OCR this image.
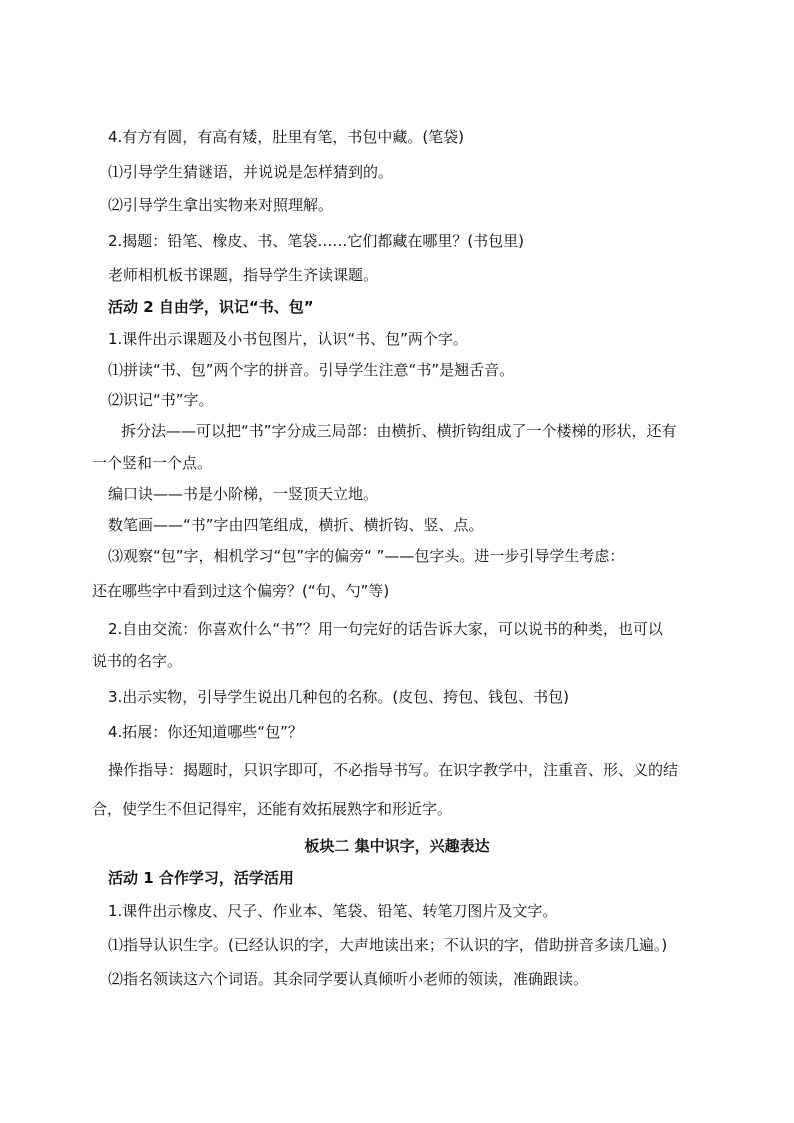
4.有方有圆，有高有矮，肚里有笔，书包中藏。(笔袋)
⑴引导学生猜谜语，并说说是怎样猜到的。
⑵引导学生拿出实物来对照理解。
2.揭题：铅笔、橡皮、书、笔袋……它们都藏在哪里？(书包里)
老师相机板书课题，指导学生齐读课题。
活动 2 自由学，识记“书、包”
1.课件出示课题及小书包图片，认识“书、包”两个字。
⑴拼读“书、包”两个字的拼音。引导学生注意“书”是翘舌音。
⑵识记“书”字。
拆分法——可以把“书”字分成三局部：由横折、横折钩组成了一个楼梯的形状，还有
一个竖和一个点。
编口诀——书是小阶梯，一竖顶天立地。
数笔画——“书”字由四笔组成，横折、横折钩、竖、点。
⑶观察“包”字，相机学习“包”字的偏旁“ ”——包字头。进一步引导学生考虑：
还在哪些字中看到过这个偏旁？(“句、勺”等)
2.自由交流：你喜欢什么“书”？用一句完好的话告诉大家，可以说书的种类，也可以
说书的名字。
3.出示实物，引导学生说出几种包的名称。(皮包、挎包、钱包、书包)
4.拓展：你还知道哪些“包”？
操作指导：揭题时，只识字即可，不必指导书写。在识字教学中，注重音、形、义的结
合，使学生不但记得牢，还能有效拓展熟字和形近字。
板块二 集中识字，兴趣表达
活动 1 合作学习，活学活用
1.课件出示橡皮、尺子、作业本、笔袋、铅笔、转笔刀图片及文字。
⑴指导认识生字。(已经认识的字，大声地读出来；不认识的字，借助拼音多读几遍。)
⑵指名领读这六个词语。其余同学要认真倾听小老师的领读，准确跟读。
